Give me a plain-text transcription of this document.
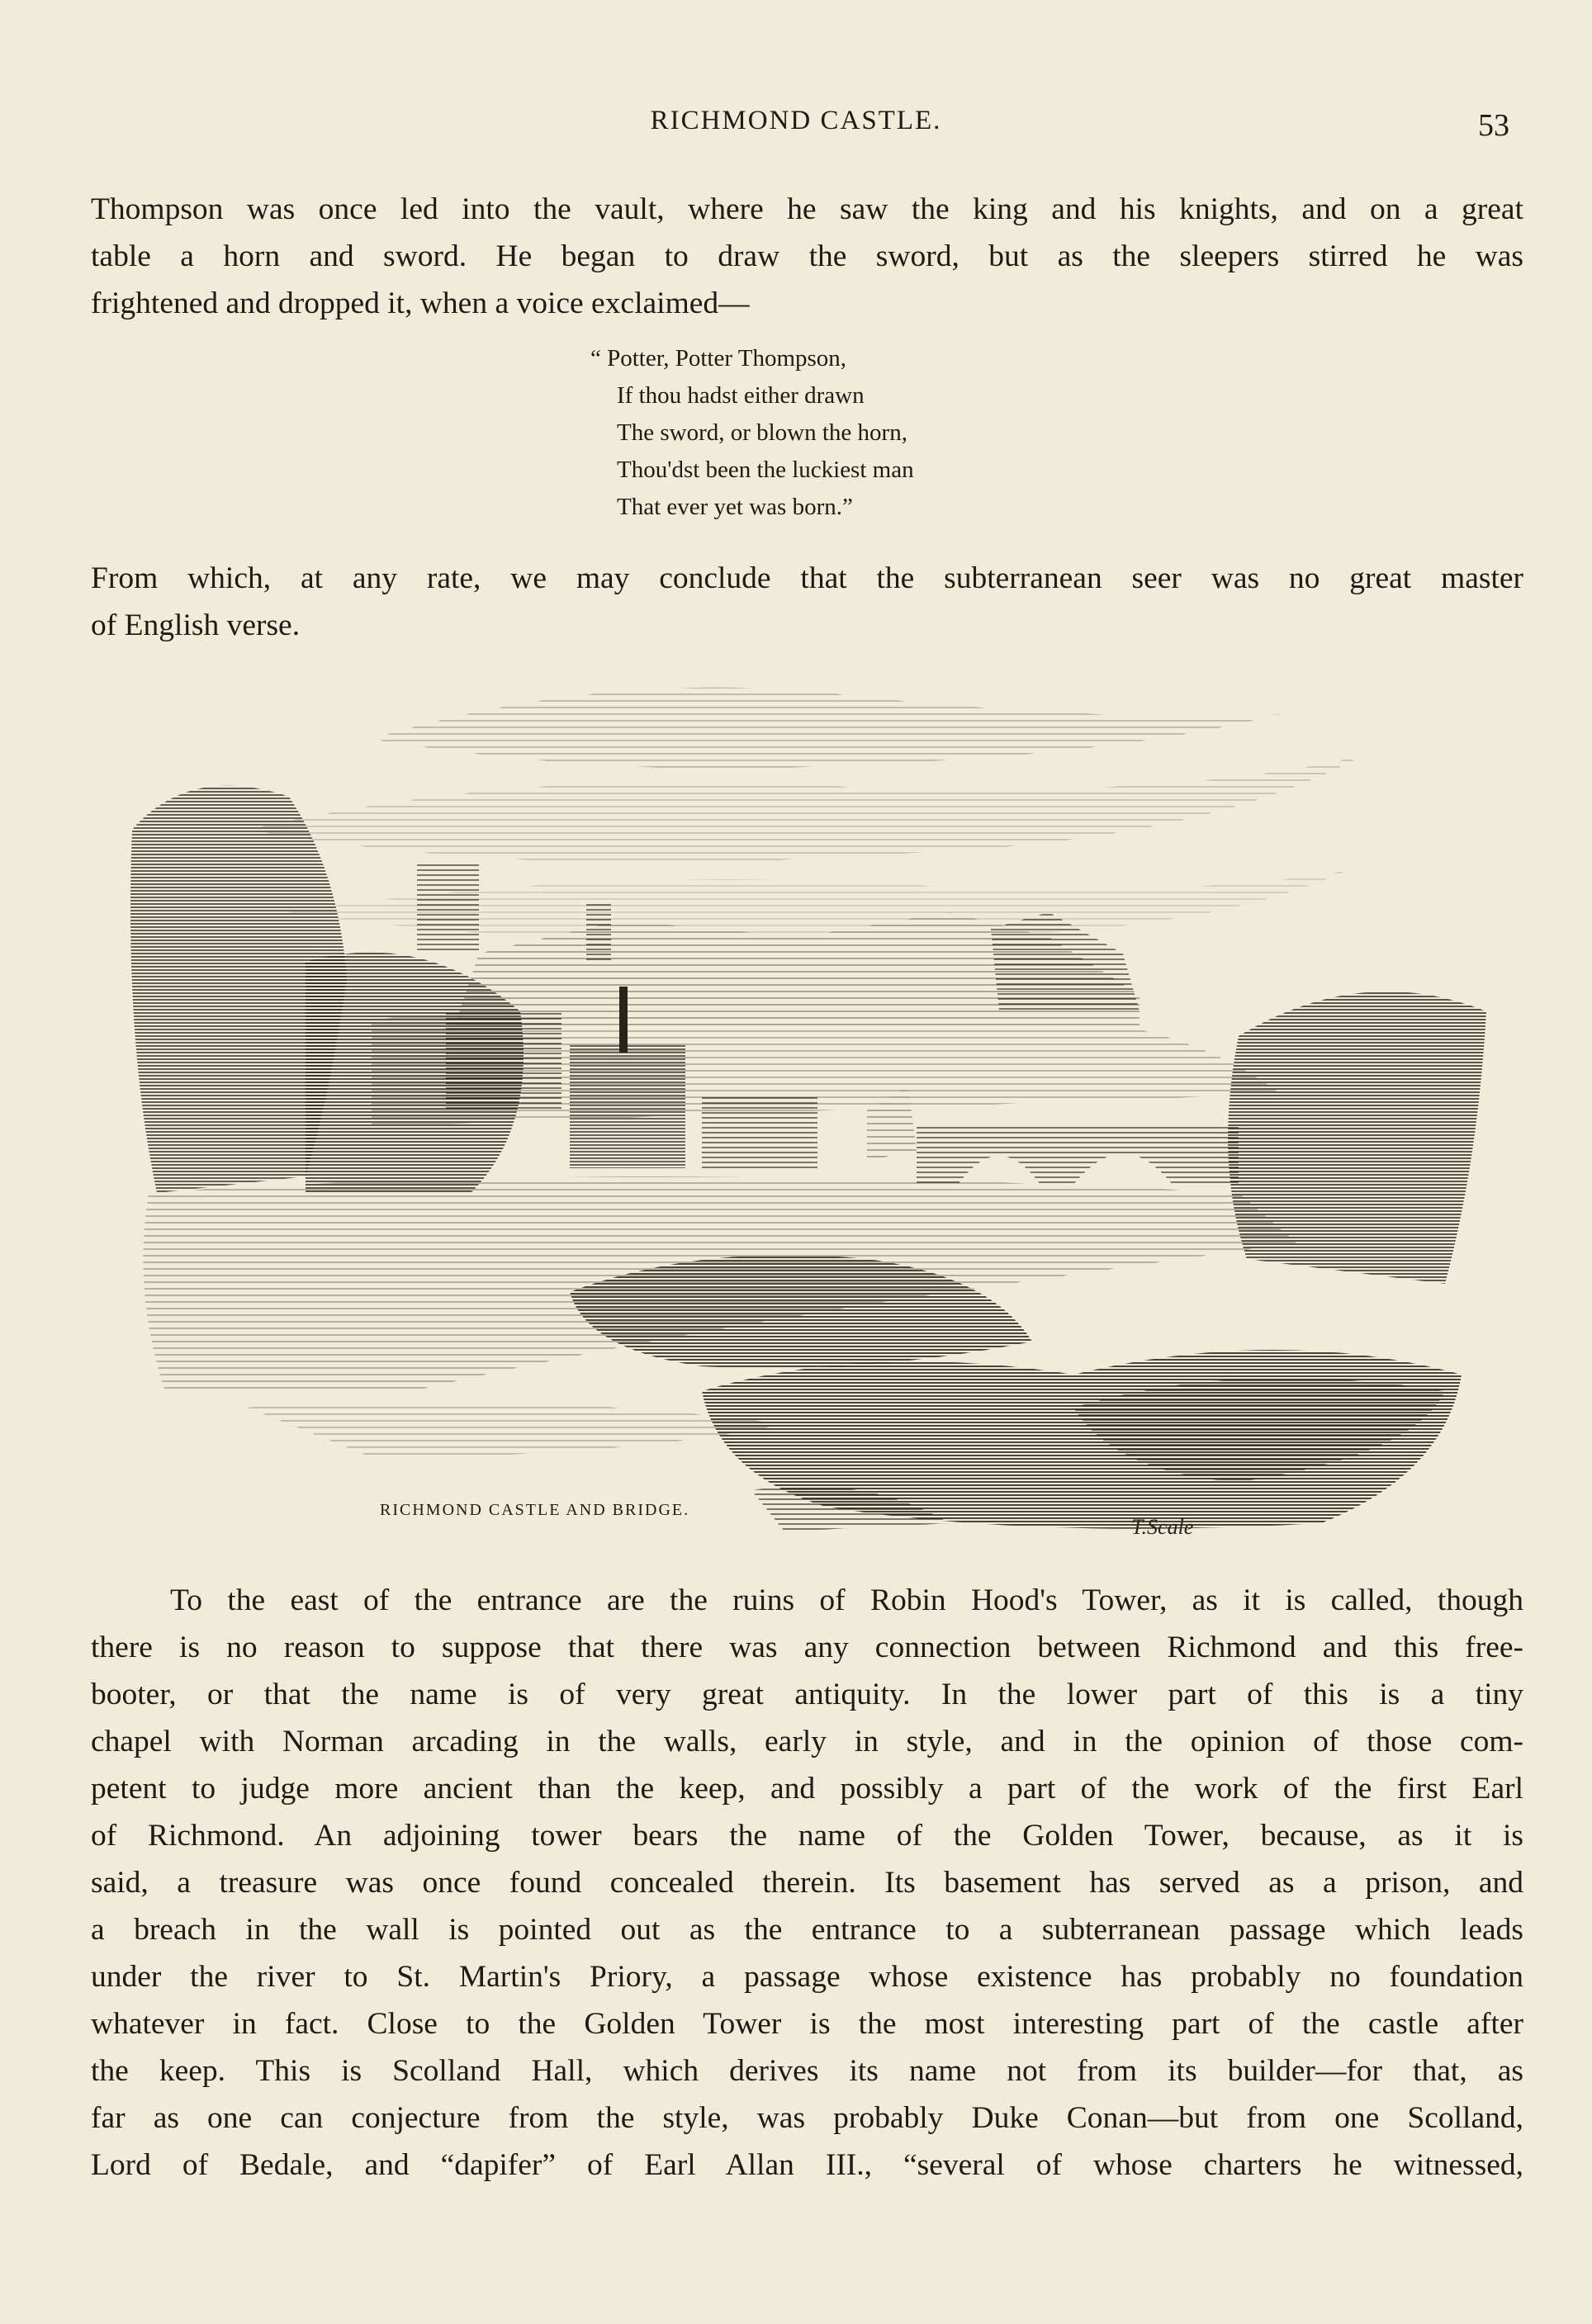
RICHMOND CASTLE.	53
Thompson was once led into the vault, where he saw the king and his knights, and on a great
table a horn and sword. He began to draw the sword, but as the sleepers stirred he was
frightened and dropped it, when a voice exclaimed—
“ Potter, Potter Thompson,
If thou hadst either drawn
The sword, or blown the horn,
Thou'dst been the luckiest man
That ever yet was born.”
From which, at any rate, we may conclude that the subterranean seer was no great master
of English verse.
RICHMOND CASTLE AND BRIDGE.
T.Scale
To the east of the entrance are the ruins of Robin Hood's Tower, as it is called, though
there is no reason to suppose that there was any connection between Richmond and this free-
booter, or that the name is of very great antiquity. In the lower part of this is a tiny
chapel with Norman arcading in the walls, early in style, and in the opinion of those com-
petent to judge more ancient than the keep, and possibly a part of the work of the first Earl
of Richmond. An adjoining tower bears the name of the Golden Tower, because, as it is
said, a treasure was once found concealed therein. Its basement has served as a prison, and
a breach in the wall is pointed out as the entrance to a subterranean passage which leads
under the river to St. Martin's Priory, a passage whose existence has probably no foundation
whatever in fact. Close to the Golden Tower is the most interesting part of the castle after
the keep. This is Scolland Hall, which derives its name not from its builder—for that, as
far as one can conjecture from the style, was probably Duke Conan—but from one Scolland,
Lord of Bedale, and “dapifer” of Earl Allan III., “several of whose charters he witnessed,
